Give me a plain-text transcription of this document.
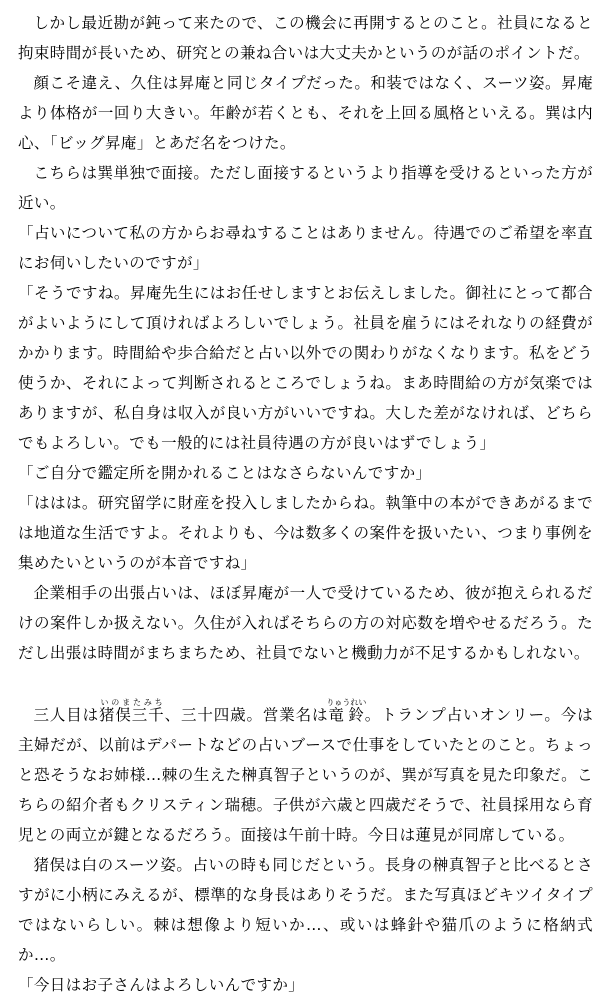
しかし最近勘が鈍って来たので、この機会に再開するとのこと。社員になると拘束時間が長いため、研究との兼ね合いは大丈夫かというのが話のポイントだ。

顔こそ違え、久住は昇庵と同じタイプだった。和装ではなく、スーツ姿。昇庵より体格が一回り大きい。年齢が若くとも、それを上回る風格といえる。巽は内心、「ビッグ昇庵」とあだ名をつけた。

こちらは巽単独で面接。ただし面接するというより指導を受けるといった方が近い。

「占いについて私の方からお尋ねすることはありません。待遇でのご希望を率直にお伺いしたいのですが」

「そうですね。昇庵先生にはお任せしますとお伝えしました。御社にとって都合がよいようにして頂ければよろしいでしょう。社員を雇うにはそれなりの経費がかかります。時間給や歩合給だと占い以外での関わりがなくなります。私をどう使うか、それによって判断されるところでしょうね。まあ時間給の方が気楽ではありますが、私自身は収入が良い方がいいですね。大した差がなければ、どちらでもよろしい。でも一般的には社員待遇の方が良いはずでしょう」

「ご自分で鑑定所を開かれることはなさらないんですか」

「ははは。研究留学に財産を投入しましたからね。執筆中の本ができあがるまでは地道な生活ですよ。それよりも、今は数多くの案件を扱いたい、つまり事例を集めたいというのが本音ですね」

企業相手の出張占いは、ほぼ昇庵が一人で受けているため、彼が抱えられるだけの案件しか扱えない。久住が入ればそちらの方の対応数を増やせるだろう。ただし出張は時間がまちまちため、社員でないと機動力が不足するかもしれない。

三人目は猪俣三千いのまたみち、三十四歳。営業名は竜鈴りゅうれい。トランプ占いオンリー。今は主婦だが、以前はデパートなどの占いブースで仕事をしていたとのこと。ちょっと恐そうなお姉様…棘の生えた榊真智子というのが、巽が写真を見た印象だ。こちらの紹介者もクリスティン瑞穂。子供が六歳と四歳だそうで、社員採用なら育児との両立が鍵となるだろう。面接は午前十時。今日は蓮見が同席している。

猪俣は白のスーツ姿。占いの時も同じだという。長身の榊真智子と比べるとさすがに小柄にみえるが、標準的な身長はありそうだ。また写真ほどキツイタイプではないらしい。棘は想像より短いか…、或いは蜂針や猫爪のように格納式か…。

「今日はお子さんはよろしいんですか」
